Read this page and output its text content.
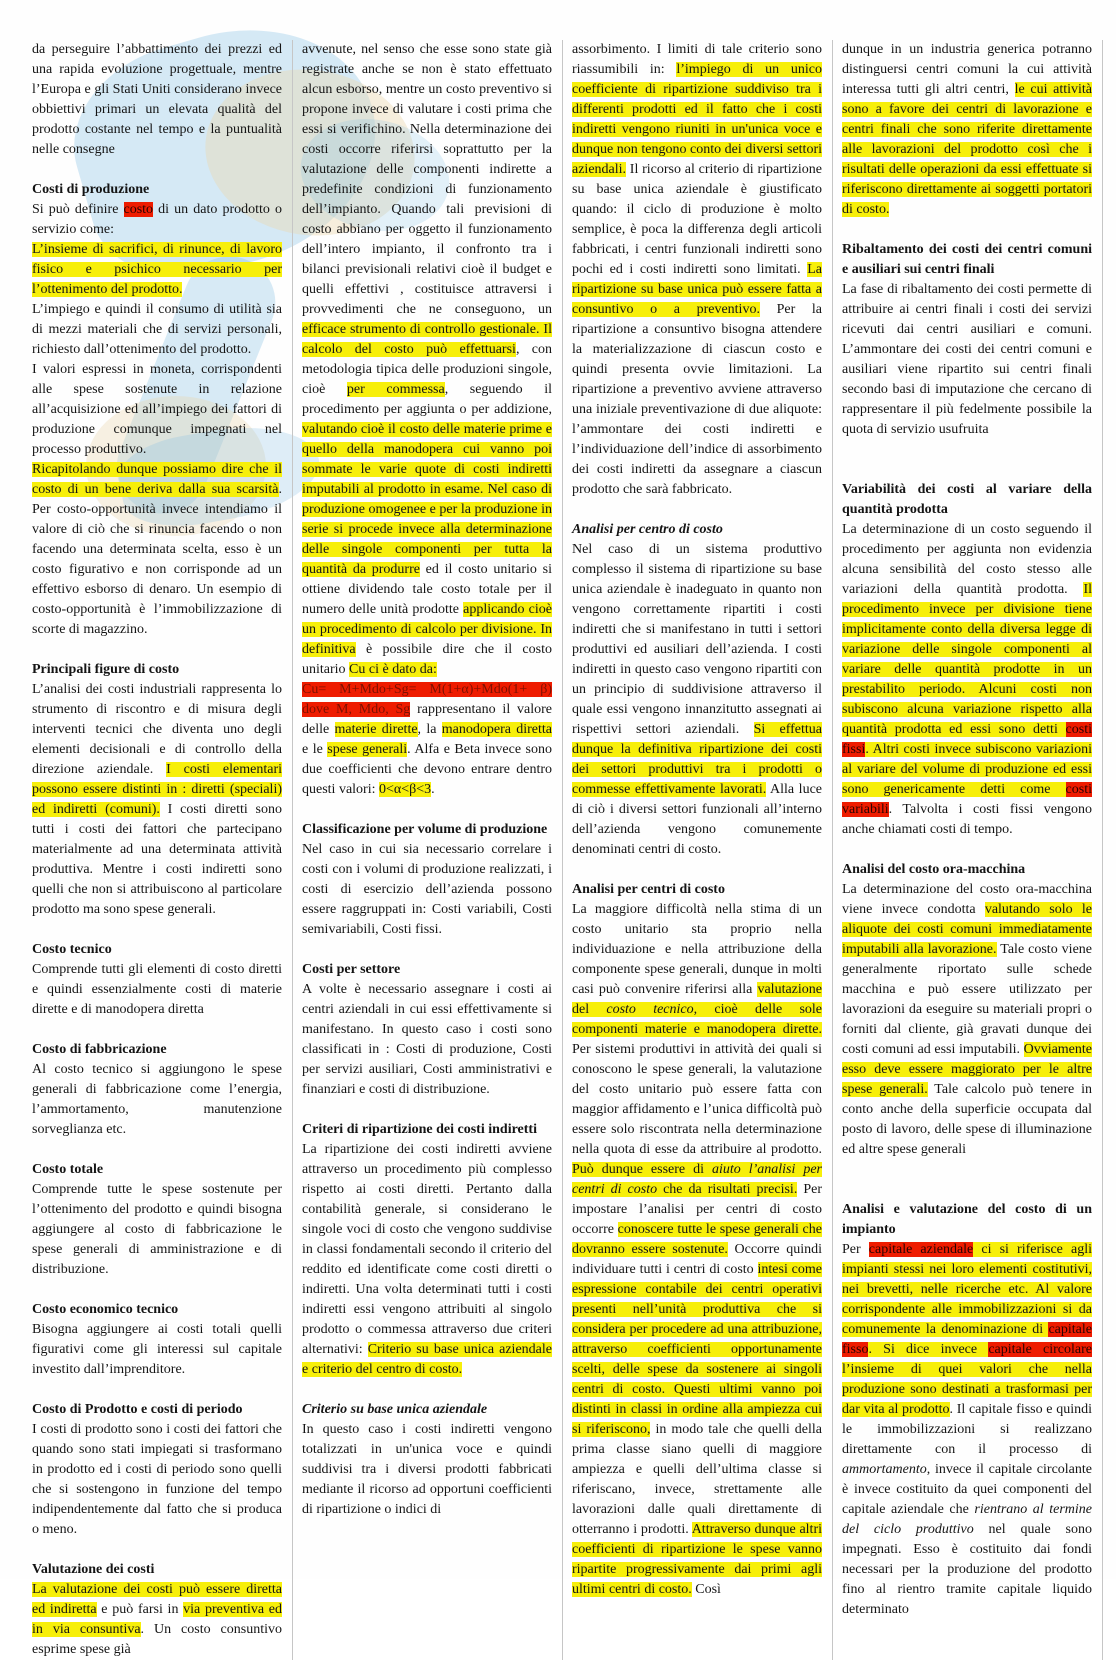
da perseguire l’abbattimento dei prezzi ed una rapida evoluzione progettuale, mentre l’Europa e gli Stati Uniti considerano invece obbiettivi primari un elevata qualità del prodotto costante nel tempo e la puntualità nelle consegne

Costi di produzione

Si può definire costo di un dato prodotto o servizio come:

L’insieme di sacrifici, di rinunce, di lavoro fisico e psichico necessario per l’ottenimento del prodotto.

L’impiego e quindi il consumo di utilità sia di mezzi materiali che di servizi personali, richiesto dall’ottenimento del prodotto.

I valori espressi in moneta, corrispondenti alle spese sostenute in relazione all’acquisizione ed all’impiego dei fattori di produzione comunque impegnati nel processo produttivo.

Ricapitolando dunque possiamo dire che il costo di un bene deriva dalla sua scarsità. Per costo-opportunità invece intendiamo il valore di ciò che si rinuncia facendo o non facendo una determinata scelta, esso è un costo figurativo e non corrisponde ad un effettivo esborso di denaro. Un esempio di costo-opportunità è l’immobilizzazione di scorte di magazzino.

Principali figure di costo

L’analisi dei costi industriali rappresenta lo strumento di riscontro e di misura degli interventi tecnici che diventa uno degli elementi decisionali e di controllo della direzione aziendale. I costi elementari possono essere distinti in : diretti (speciali) ed indiretti (comuni). I costi diretti sono tutti i costi dei fattori che partecipano materialmente ad una determinata attività produttiva. Mentre i costi indiretti sono quelli che non si attribuiscono al particolare prodotto ma sono spese generali.

Costo tecnico

Comprende tutti gli elementi di costo diretti e quindi essenzialmente costi di materie dirette e di manodopera diretta

Costo di fabbricazione

Al costo tecnico si aggiungono le spese generali di fabbricazione come l’energia, l’ammortamento, manutenzione sorveglianza etc.

Costo totale

Comprende tutte le spese sostenute per l’ottenimento del prodotto e quindi bisogna aggiungere al costo di fabbricazione le spese generali di amministrazione e di distribuzione.

Costo economico tecnico

Bisogna aggiungere ai costi totali quelli figurativi come gli interessi sul capitale investito dall’imprenditore.

Costo di Prodotto e costi di periodo

I costi di prodotto sono i costi dei fattori che quando sono stati impiegati si trasformano in prodotto ed i costi di periodo sono quelli che si sostengono in funzione del tempo indipendentemente dal fatto che si produca o meno.

Valutazione dei costi

La valutazione dei costi può essere diretta ed indiretta e può farsi in via preventiva ed in via consuntiva. Un costo consuntivo esprime spese già

avvenute, nel senso che esse sono state già registrate anche se non è stato effettuato alcun esborso, mentre un costo preventivo si propone invece di valutare i costi prima che essi si verifichino. Nella determinazione dei costi occorre riferirsi soprattutto per la valutazione delle componenti indirette a predefinite condizioni di funzionamento dell’impianto. Quando tali previsioni di costo abbiano per oggetto il funzionamento dell’intero impianto, il confronto tra i bilanci previsionali relativi cioè il budget e quelli effettivi , costituisce attraversi i provvedimenti che ne conseguono, un efficace strumento di controllo gestionale. Il calcolo del costo può effettuarsi, con metodologia tipica delle produzioni singole, cioè per commessa, seguendo il procedimento per aggiunta o per addizione, valutando cioè il costo delle materie prime e quello della manodopera cui vanno poi sommate le varie quote di costi indiretti imputabili al prodotto in esame. Nel caso di produzione omogenee e per la produzione in serie si procede invece alla determinazione delle singole componenti per tutta la quantità da produrre ed il costo unitario si ottiene dividendo tale costo totale per il numero delle unità prodotte applicando cioè un procedimento di calcolo per divisione. In definitiva è possibile dire che il costo unitario Cu ci è dato da:

Cu= M+Mdo+Sg= M(1+α)+Mdo(1+ β) dove M, Mdo, Sg rappresentano il valore delle materie dirette, la manodopera diretta e le spese generali. Alfa e Beta invece sono due coefficienti che devono entrare dentro questi valori: 0<α<β<3.

Classificazione per volume di produzione

Nel caso in cui sia necessario correlare i costi con i volumi di produzione realizzati, i costi di esercizio dell’azienda possono essere raggruppati in: Costi variabili, Costi semivariabili, Costi fissi.

Costi per settore

A volte è necessario assegnare i costi ai centri aziendali in cui essi effettivamente si manifestano. In questo caso i costi sono classificati in : Costi di produzione, Costi per servizi ausiliari, Costi amministrativi e finanziari e costi di distribuzione.

Criteri di ripartizione dei costi indiretti

La ripartizione dei costi indiretti avviene attraverso un procedimento più complesso rispetto ai costi diretti. Pertanto dalla contabilità generale, si considerano le singole voci di costo che vengono suddivise in classi fondamentali secondo il criterio del reddito ed identificate come costi diretti o indiretti. Una volta determinati tutti i costi indiretti essi vengono attribuiti al singolo prodotto o commessa attraverso due criteri alternativi: Criterio su base unica aziendale e criterio del centro di costo.

Criterio su base unica aziendale

In questo caso i costi indiretti vengono totalizzati in un'unica voce e quindi suddivisi tra i diversi prodotti fabbricati mediante il ricorso ad opportuni coefficienti di ripartizione o indici di

assorbimento. I limiti di tale criterio sono riassumibili in: l’impiego di un unico coefficiente di ripartizione suddiviso tra i differenti prodotti ed il fatto che i costi indiretti vengono riuniti in un'unica voce e dunque non tengono conto dei diversi settori aziendali. Il ricorso al criterio di ripartizione su base unica aziendale è giustificato quando: il ciclo di produzione è molto semplice, è poca la differenza degli articoli fabbricati, i centri funzionali indiretti sono pochi ed i costi indiretti sono limitati. La ripartizione su base unica può essere fatta a consuntivo o a preventivo. Per la ripartizione a consuntivo bisogna attendere la materializzazione di ciascun costo e quindi presenta ovvie limitazioni. La ripartizione a preventivo avviene attraverso una iniziale preventivazione di due aliquote: l’ammontare dei costi indiretti e l’individuazione dell’indice di assorbimento dei costi indiretti da assegnare a ciascun prodotto che sarà fabbricato.

Analisi per centro di costo

Nel caso di un sistema produttivo complesso il sistema di ripartizione su base unica aziendale è inadeguato in quanto non vengono correttamente ripartiti i costi indiretti che si manifestano in tutti i settori produttivi ed ausiliari dell’azienda. I costi indiretti in questo caso vengono ripartiti con un principio di suddivisione attraverso il quale essi vengono innanzitutto assegnati ai rispettivi settori aziendali. Si effettua dunque la definitiva ripartizione dei costi dei settori produttivi tra i prodotti o commesse effettivamente lavorati. Alla luce di ciò i diversi settori funzionali all’interno dell’azienda vengono comunemente denominati centri di costo.

Analisi per centri di costo

La maggiore difficoltà nella stima di un costo unitario sta proprio nella individuazione e nella attribuzione della componente spese generali, dunque in molti casi può convenire riferirsi alla valutazione del costo tecnico, cioè delle sole componenti materie e manodopera dirette. Per sistemi produttivi in attività dei quali si conoscono le spese generali, la valutazione del costo unitario può essere fatta con maggior affidamento e l’unica difficoltà può essere solo riscontrata nella determinazione nella quota di esse da attribuire al prodotto. Può dunque essere di aiuto l’analisi per centri di costo che da risultati precisi. Per impostare l’analisi per centri di costo occorre conoscere tutte le spese generali che dovranno essere sostenute. Occorre quindi individuare tutti i centri di costo intesi come espressione contabile dei centri operativi presenti nell’unità produttiva che si considera per procedere ad una attribuzione, attraverso coefficienti opportunamente scelti, delle spese da sostenere ai singoli centri di costo. Questi ultimi vanno poi distinti in classi in ordine alla ampiezza cui si riferiscono, in modo tale che quelli della prima classe siano quelli di maggiore ampiezza e quelli dell’ultima classe si riferiscano, invece, strettamente alle lavorazioni dalle quali direttamente di otterranno i prodotti. Attraverso dunque altri coefficienti di ripartizione le spese vanno ripartite progressivamente dai primi agli ultimi centri di costo. Così

dunque in un industria generica potranno distinguersi centri comuni la cui attività interessa tutti gli altri centri, le cui attività sono a favore dei centri di lavorazione e centri finali che sono riferite direttamente alle lavorazioni del prodotto così che i risultati delle operazioni da essi effettuate si riferiscono direttamente ai soggetti portatori di costo.

Ribaltamento dei costi dei centri comuni e ausiliari sui centri finali

La fase di ribaltamento dei costi permette di attribuire ai centri finali i costi dei servizi ricevuti dai centri ausiliari e comuni. L’ammontare dei costi dei centri comuni e ausiliari viene ripartito sui centri finali secondo basi di imputazione che cercano di rappresentare il più fedelmente possibile la quota di servizio usufruita

Variabilità dei costi al variare della quantità prodotta

La determinazione di un costo seguendo il procedimento per aggiunta non evidenzia alcuna sensibilità del costo stesso alle variazioni della quantità prodotta. Il procedimento invece per divisione tiene implicitamente conto della diversa legge di variazione delle singole componenti al variare delle quantità prodotte in un prestabilito periodo. Alcuni costi non subiscono alcuna variazione rispetto alla quantità prodotta ed essi sono detti costi fissi. Altri costi invece subiscono variazioni al variare del volume di produzione ed essi sono genericamente detti come costi variabili. Talvolta i costi fissi vengono anche chiamati costi di tempo.

Analisi del costo ora-macchina

La determinazione del costo ora-macchina viene invece condotta valutando solo le aliquote dei costi comuni immediatamente imputabili alla lavorazione. Tale costo viene generalmente riportato sulle schede macchina e può essere utilizzato per lavorazioni da eseguire su materiali propri o forniti dal cliente, già gravati dunque dei costi comuni ad essi imputabili. Ovviamente esso deve essere maggiorato per le altre spese generali. Tale calcolo può tenere in conto anche della superficie occupata dal posto di lavoro, delle spese di illuminazione ed altre spese generali

Analisi e valutazione del costo di un impianto

Per capitale aziendale ci si riferisce agli impianti stessi nei loro elementi costitutivi, nei brevetti, nelle ricerche etc. Al valore corrispondente alle immobilizzazioni si da comunemente la denominazione di capitale fisso. Si dice invece capitale circolare l’insieme di quei valori che nella produzione sono destinati a trasformasi per dar vita al prodotto. Il capitale fisso e quindi le immobilizzazioni si realizzano direttamente con il processo di ammortamento, invece il capitale circolante è invece costituito da quei componenti del capitale aziendale che rientrano al termine del ciclo produttivo nel quale sono impegnati. Esso è costituito dai fondi necessari per la produzione del prodotto fino al rientro tramite capitale liquido determinato
